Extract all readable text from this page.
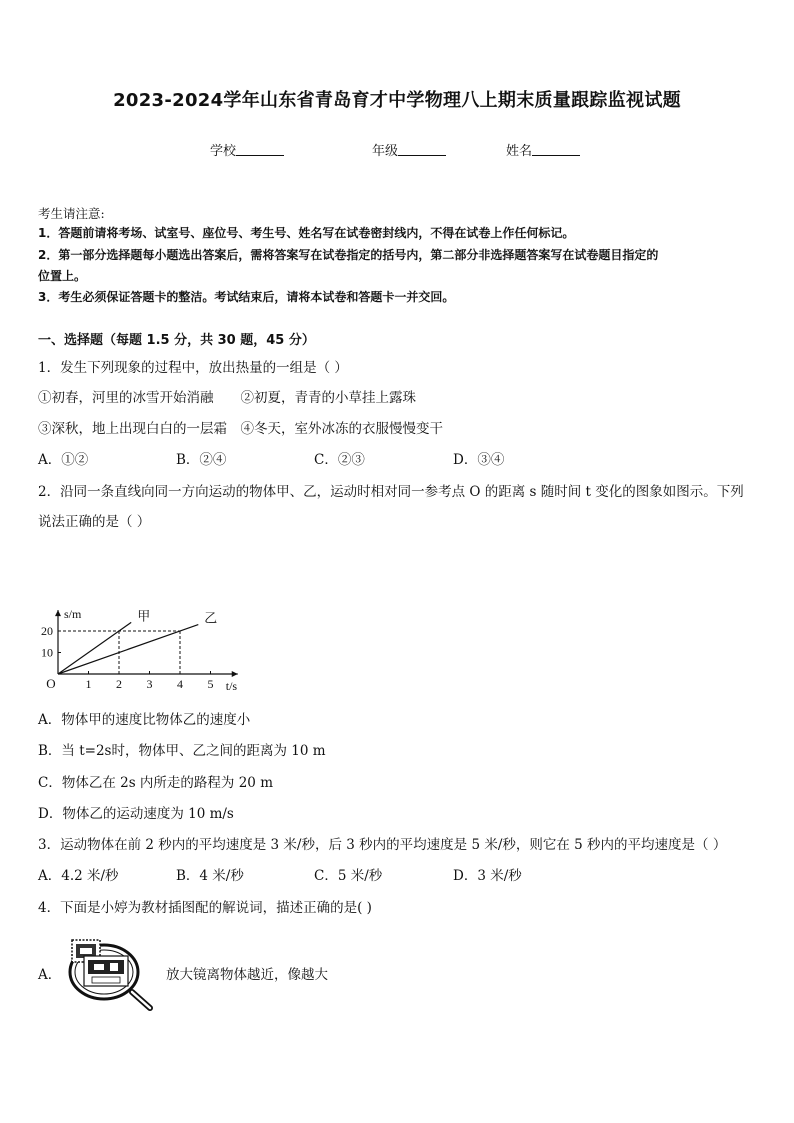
2023-2024学年山东省青岛育才中学物理八上期末质量跟踪监视试题
学校	年级	姓名
考生请注意:
1．答题前请将考场、试室号、座位号、考生号、姓名写在试卷密封线内，不得在试卷上作任何标记。
2．第一部分选择题每小题选出答案后，需将答案写在试卷指定的括号内，第二部分非选择题答案写在试卷题目指定的
位置上。
3．考生必须保证答题卡的整洁。考试结束后，请将本试卷和答题卡一并交回。
一、选择题（每题 1.5 分，共 30 题，45 分）
1．发生下列现象的过程中，放出热量的一组是（ ）
①初春，河里的冰雪开始消融　　②初夏，青青的小草挂上露珠
③深秋，地上出现白白的一层霜　④冬天，室外冰冻的衣服慢慢变干
A．①②	B．②④	C．②③	D．③④
2．沿同一条直线向同一方向运动的物体甲、乙，运动时相对同一参考点 O 的距离 s 随时间 t 变化的图象如图示。下列
说法正确的是（ ）
1 2 3 4 5
10
20
甲	乙
O	t/s
s/m
A．物体甲的速度比物体乙的速度小
B．当 t=2s时，物体甲、乙之间的距离为 10 m
C．物体乙在 2s 内所走的路程为 20 m
D．物体乙的运动速度为 10 m/s
3．运动物体在前 2 秒内的平均速度是 3 米/秒，后 3 秒内的平均速度是 5 米/秒，则它在 5 秒内的平均速度是（ ）
A．4.2 米/秒	B．4 米/秒	C．5 米/秒	D．3 米/秒
4．下面是小婷为教材插图配的解说词，描述正确的是( )
A．	放大镜离物体越近，像越大
